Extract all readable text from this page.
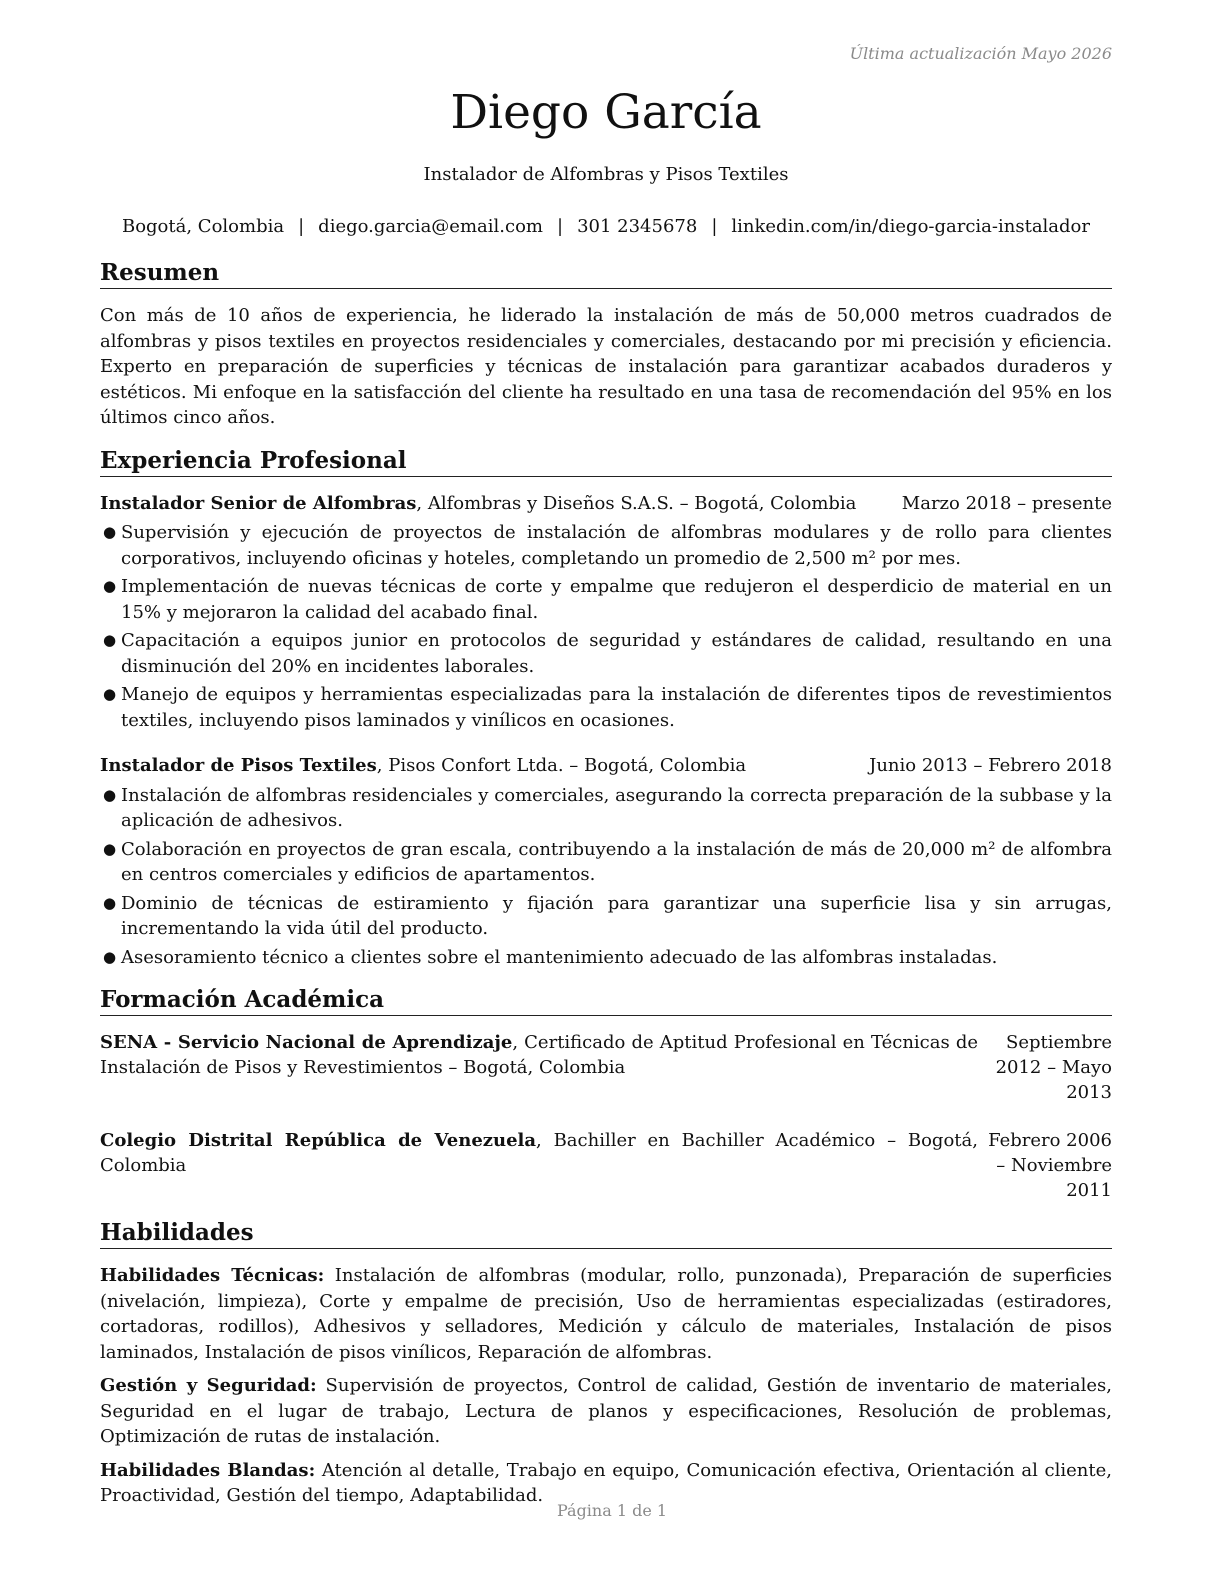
Última actualización Mayo 2026
Diego García
Instalador de Alfombras y Pisos Textiles
Bogotá, Colombia | diego.garcia@email.com | 301 2345678 | linkedin.com/in/diego-garcia-instalador
Resumen
Con más de 10 años de experiencia, he liderado la instalación de más de 50,000 metros cuadrados de alfombras y pisos textiles en proyectos residenciales y comerciales, destacando por mi precisión y eficiencia. Experto en preparación de superficies y técnicas de instalación para garantizar acabados duraderos y estéticos. Mi enfoque en la satisfacción del cliente ha resultado en una tasa de recomendación del 95% en los últimos cinco años.
Experiencia Profesional
Instalador Senior de Alfombras, Alfombras y Diseños S.A.S. – Bogotá, Colombia	Marzo 2018 – presente
● Supervisión y ejecución de proyectos de instalación de alfombras modulares y de rollo para clientes corporativos, incluyendo oficinas y hoteles, completando un promedio de 2,500 m² por mes.
● Implementación de nuevas técnicas de corte y empalme que redujeron el desperdicio de material en un 15% y mejoraron la calidad del acabado final.
● Capacitación a equipos junior en protocolos de seguridad y estándares de calidad, resultando en una disminución del 20% en incidentes laborales.
● Manejo de equipos y herramientas especializadas para la instalación de diferentes tipos de revestimientos textiles, incluyendo pisos laminados y vinílicos en ocasiones.
Instalador de Pisos Textiles, Pisos Confort Ltda. – Bogotá, Colombia	Junio 2013 – Febrero 2018
● Instalación de alfombras residenciales y comerciales, asegurando la correcta preparación de la subbase y la aplicación de adhesivos.
● Colaboración en proyectos de gran escala, contribuyendo a la instalación de más de 20,000 m² de alfombra en centros comerciales y edificios de apartamentos.
● Dominio de técnicas de estiramiento y fijación para garantizar una superficie lisa y sin arrugas, incrementando la vida útil del producto.
● Asesoramiento técnico a clientes sobre el mantenimiento adecuado de las alfombras instaladas.
Formación Académica
SENA - Servicio Nacional de Aprendizaje, Certificado de Aptitud Profesional en Técnicas de Instalación de Pisos y Revestimientos – Bogotá, Colombia
Septiembre 2012 – Mayo 2013
Colegio Distrital República de Venezuela, Bachiller en Bachiller Académico – Bogotá, Colombia
Febrero 2006 – Noviembre 2011
Habilidades
Habilidades Técnicas: Instalación de alfombras (modular, rollo, punzonada), Preparación de superficies (nivelación, limpieza), Corte y empalme de precisión, Uso de herramientas especializadas (estiradores, cortadoras, rodillos), Adhesivos y selladores, Medición y cálculo de materiales, Instalación de pisos laminados, Instalación de pisos vinílicos, Reparación de alfombras.
Gestión y Seguridad: Supervisión de proyectos, Control de calidad, Gestión de inventario de materiales, Seguridad en el lugar de trabajo, Lectura de planos y especificaciones, Resolución de problemas, Optimización de rutas de instalación.
Habilidades Blandas: Atención al detalle, Trabajo en equipo, Comunicación efectiva, Orientación al cliente, Proactividad, Gestión del tiempo, Adaptabilidad.
Página 1 de 1
